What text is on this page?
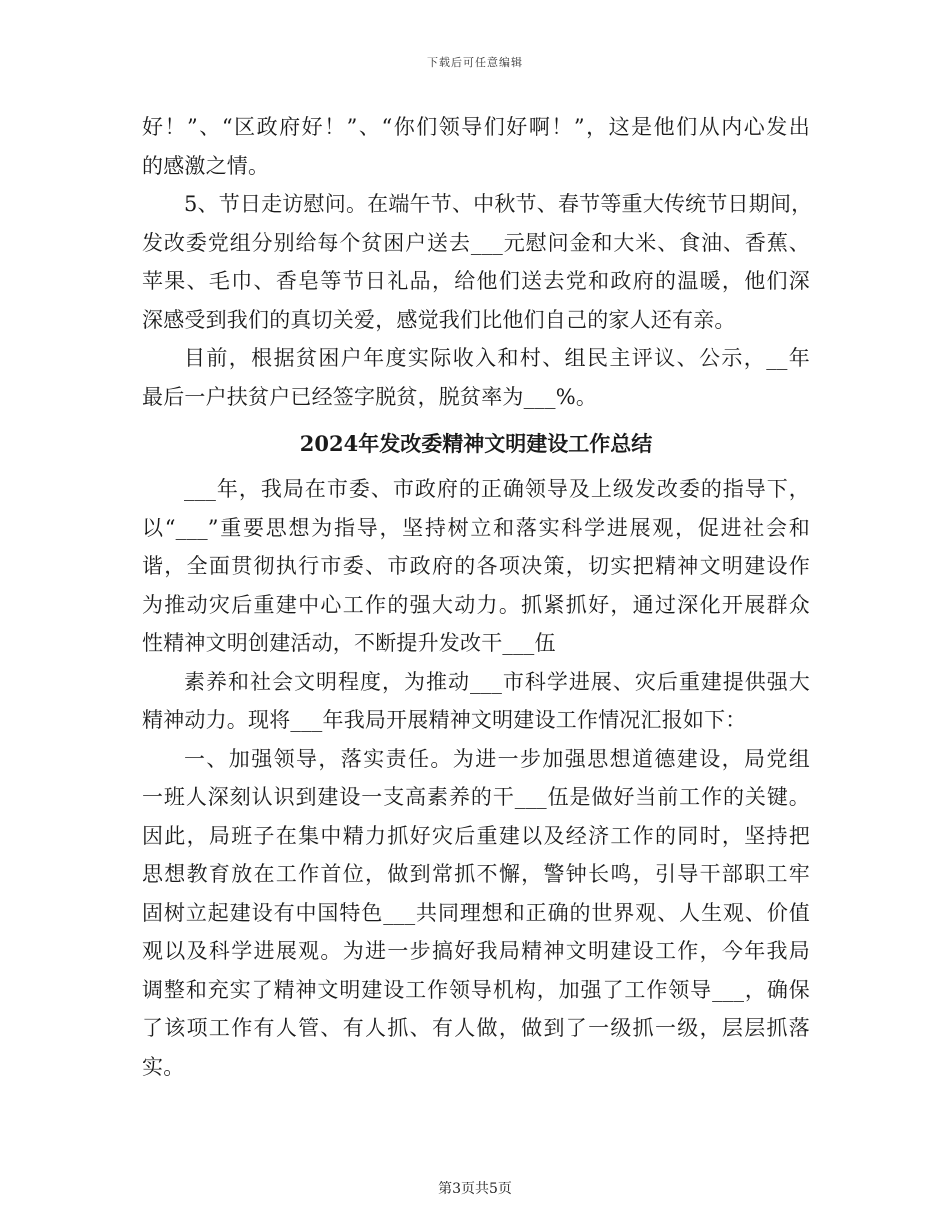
下载后可任意编辑
好！”、“区政府好！”、“你们领导们好啊！”，这是他们从内心发出
的感激之情。
5、节日走访慰问。在端午节、中秋节、春节等重大传统节日期间，
发改委党组分别给每个贫困户送去___元慰问金和大米、食油、香蕉、
苹果、毛巾、香皂等节日礼品，给他们送去党和政府的温暖，他们深
深感受到我们的真切关爱，感觉我们比他们自己的家人还有亲。
目前，根据贫困户年度实际收入和村、组民主评议、公示，__年
最后一户扶贫户已经签字脱贫，脱贫率为___%。
2024年发改委精神文明建设工作总结
___年，我局在市委、市政府的正确领导及上级发改委的指导下，
以“___”重要思想为指导，坚持树立和落实科学进展观，促进社会和
谐，全面贯彻执行市委、市政府的各项决策，切实把精神文明建设作
为推动灾后重建中心工作的强大动力。抓紧抓好，通过深化开展群众
性精神文明创建活动，不断提升发改干___伍
素养和社会文明程度，为推动___市科学进展、灾后重建提供强大
精神动力。现将___年我局开展精神文明建设工作情况汇报如下：
一、加强领导，落实责任。为进一步加强思想道德建设，局党组
一班人深刻认识到建设一支高素养的干___伍是做好当前工作的关键。
因此，局班子在集中精力抓好灾后重建以及经济工作的同时，坚持把
思想教育放在工作首位，做到常抓不懈，警钟长鸣，引导干部职工牢
固树立起建设有中国特色___共同理想和正确的世界观、人生观、价值
观以及科学进展观。为进一步搞好我局精神文明建设工作，今年我局
调整和充实了精神文明建设工作领导机构，加强了工作领导___，确保
了该项工作有人管、有人抓、有人做，做到了一级抓一级，层层抓落
实。
第3页共5页
